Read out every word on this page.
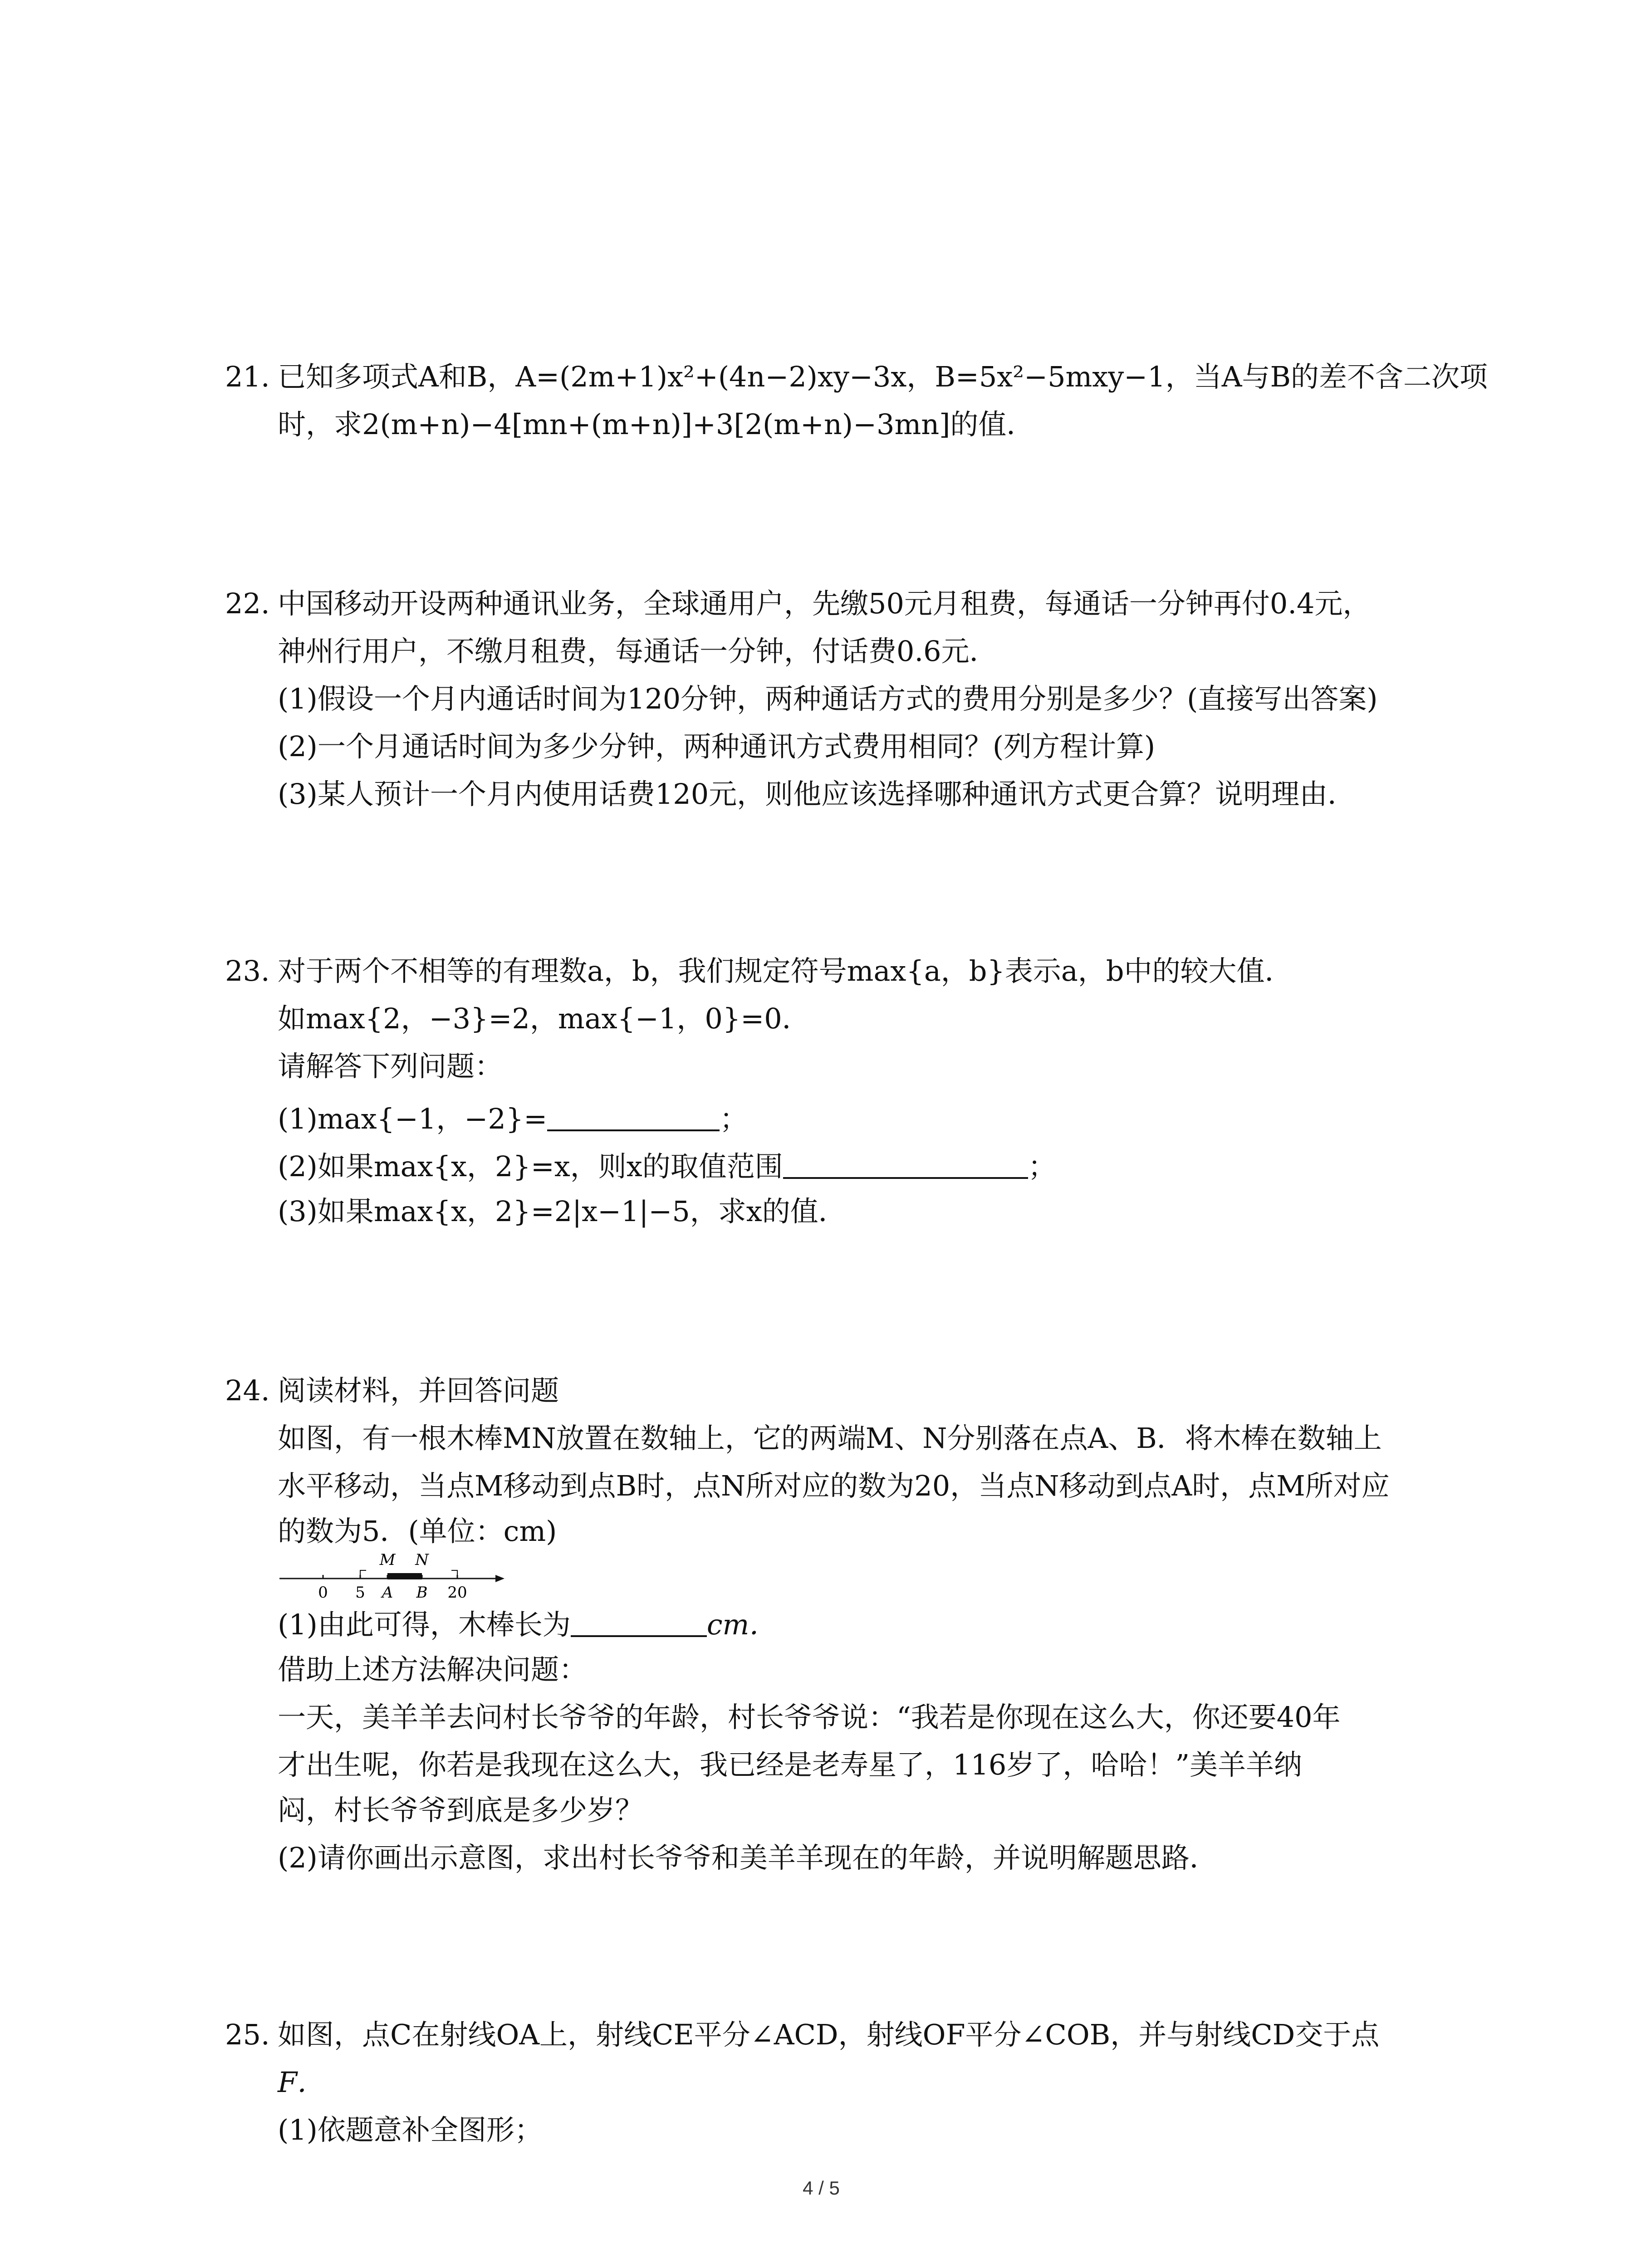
21. 已知多项式A和B，A=(2m+1)x²+(4n−2)xy−3x，B=5x²−5mxy−1，当A与B的差不含二次项
时，求2(m+n)−4[mn+(m+n)]+3[2(m+n)−3mn]的值．
22. 中国移动开设两种通讯业务，全球通用户，先缴50元月租费，每通话一分钟再付0.4元，
神州行用户，不缴月租费，每通话一分钟，付话费0.6元．
(1)假设一个月内通话时间为120分钟，两种通话方式的费用分别是多少？(直接写出答案)
(2)一个月通话时间为多少分钟，两种通讯方式费用相同？(列方程计算)
(3)某人预计一个月内使用话费120元，则他应该选择哪种通讯方式更合算？说明理由．
23. 对于两个不相等的有理数a，b，我们规定符号max{a，b}表示a，b中的较大值．
如max{2，−3}=2，max{−1，0}=0．
请解答下列问题：
(1)max{−1，−2}=	；
(2)如果max{x，2}=x，则x的取值范围	；
(3)如果max{x，2}=2|x−1|−5，求x的值．
24. 阅读材料，并回答问题
如图，有一根木棒MN放置在数轴上，它的两端M、N分别落在点A、B．将木棒在数轴上
水平移动，当点M移动到点B时，点N所对应的数为20，当点N移动到点A时，点M所对应
的数为5．(单位：cm)
M N
0 5 A B 20
(1)由此可得，木棒长为	cm．
借助上述方法解决问题：
一天，美羊羊去问村长爷爷的年龄，村长爷爷说：“我若是你现在这么大，你还要40年
才出生呢，你若是我现在这么大，我已经是老寿星了，116岁了，哈哈！”美羊羊纳
闷，村长爷爷到底是多少岁？
(2)请你画出示意图，求出村长爷爷和美羊羊现在的年龄，并说明解题思路．
25. 如图，点C在射线OA上，射线CE平分∠ACD，射线OF平分∠COB，并与射线CD交于点
F．
(1)依题意补全图形；
4 / 5
